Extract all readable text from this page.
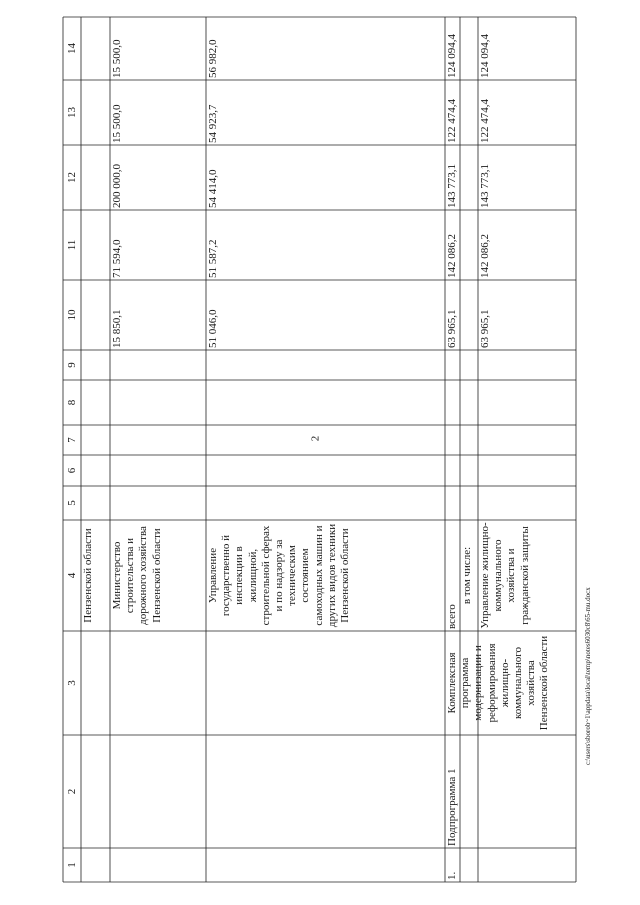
1
2
3
4
5
6
7
8
9
10
11
12
13
14
Пензенской области	Министерство строительства и дорожного хозяйства Пензенской области
15 850,1
71 594,0
200 000,0
15 500,0
15 500,0
Управление государственно й инспекции в жилищной, строительной сферах и по надзору за техническим состоянием самоходных машин и других видов техники Пензенской области
51 046,0
51 587,2
54 414,0
54 923,7
56 982,0
1.
Подпрограмма 1
Комплексная программа модернизации и реформирования жилищно-коммунального хозяйства Пензенской области
всего
63 965,1
142 086,2
143 773,1
122 474,4
124 094,4
в том числе: Управление жилищно-коммунального хозяйства и гражданской защиты
63 965,1
142 086,2
143 773,1
122 474,4
124 094,4
2
c:\users\sborob~1\appdata\local\temp\notes6030c8\65-mu.docx
